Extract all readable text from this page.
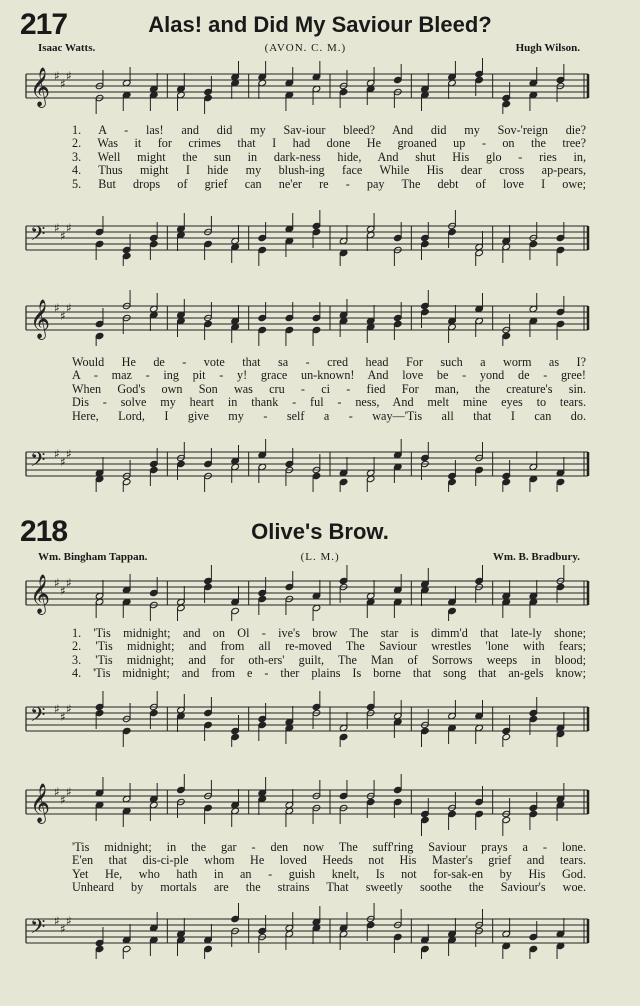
217	Alas! and Did My Saviour Bleed?
Isaac Watts.	(AVON. C. M.)	Hugh Wilson.
𝄞 ♯
♯
♯
1. A - las! and did my Sav-iour bleed? And did my Sov-'reign die?
2. Was it for crimes that I had done He groaned up - on the tree?
3. Well might the sun in dark-ness hide, And shut His glo - ries in,
4. Thus might I hide my blush-ing face While His dear cross ap-pears,
5. But drops of grief can ne'er re - pay The debt of love I owe;
𝄢 ♯
♯
♯
𝄞 ♯
♯
♯
Would He de - vote that sa - cred head For such a worm as I?
A - maz - ing pit - y! grace un-known! And love be - yond de - gree!
When God's own Son was cru - ci - fied For man, the creature's sin.
Dis - solve my heart in thank - ful - ness, And melt mine eyes to tears.
Here, Lord, I give my - self a - way—'Tis all that I can do.
𝄢 ♯
♯
♯
218	Olive's Brow.
Wm. Bingham Tappan.	(L. M.)	Wm. B. Bradbury.
𝄞 ♯
♯
♯
1. 'Tis midnight; and on Ol - ive's brow The star is dimm'd that late-ly shone;
2. 'Tis midnight; and from all re-moved The Saviour wrestles 'lone with fears;
3. 'Tis midnight; and for oth-ers' guilt, The Man of Sorrows weeps in blood;
4. 'Tis midnight; and from e - ther plains Is borne that song that an-gels know;
𝄢 ♯
♯
♯
𝄞 ♯
♯
♯
'Tis midnight; in the gar - den now The suff'ring Saviour prays a - lone.
E'en that dis-ci-ple whom He loved Heeds not His Master's grief and tears.
Yet He, who hath in an - guish knelt, Is not for-sak-en by His God.
Unheard by mortals are the strains That sweetly soothe the Saviour's woe.
𝄢 ♯
♯
♯
